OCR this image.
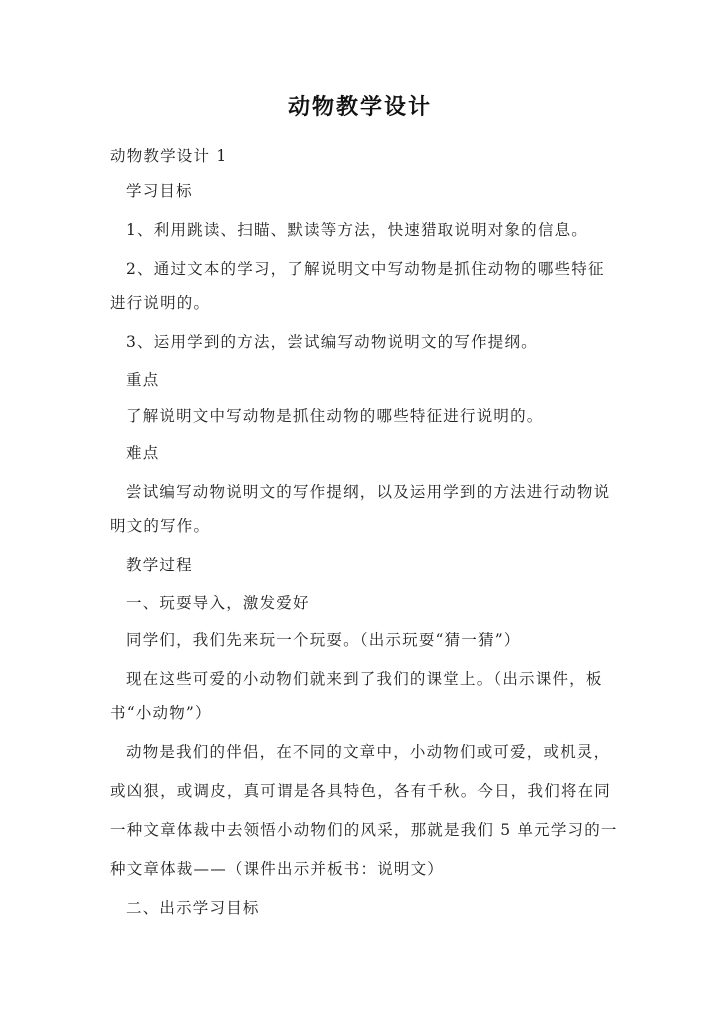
动物教学设计
动物教学设计 1
学习目标
1、利用跳读、扫瞄、默读等方法，快速猎取说明对象的信息。
2、通过文本的学习，了解说明文中写动物是抓住动物的哪些特征
进行说明的。
3、运用学到的方法，尝试编写动物说明文的写作提纲。
重点
了解说明文中写动物是抓住动物的哪些特征进行说明的。
难点
尝试编写动物说明文的写作提纲，以及运用学到的方法进行动物说
明文的写作。
教学过程
一、玩耍导入，激发爱好
同学们，我们先来玩一个玩耍。（出示玩耍“猜一猜”）
现在这些可爱的小动物们就来到了我们的课堂上。（出示课件，板
书“小动物”）
动物是我们的伴侣，在不同的文章中，小动物们或可爱，或机灵，
或凶狠，或调皮，真可谓是各具特色，各有千秋。今日，我们将在同
一种文章体裁中去领悟小动物们的风采，那就是我们 5 单元学习的一
种文章体裁——（课件出示并板书：说明文）
二、出示学习目标
